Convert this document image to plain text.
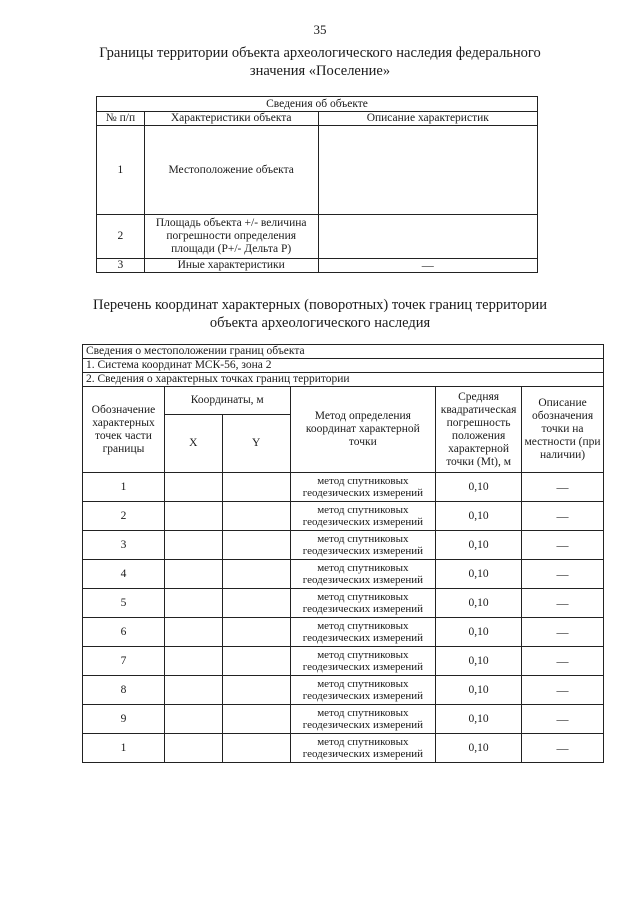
35
Границы территории объекта археологического наследия федерального
значения «Поселение»
Сведения об объекте		
№ п/п	Характеристики объекта	Описание характеристик
1	Местоположение объекта	
2	Площадь объекта +/- величина погрешности определения площади (Р+/- Дельта Р)	
3	Иные характеристики	—
Перечень координат характерных (поворотных) точек границ территории
объекта археологического наследия
Сведения о местоположении границ объекта					
1. Система координат МСК-56, зона 2					
2. Сведения о характерных точках границ территории					
Обозначение характерных точек части границы	Координаты, м		Метод определения координат характерной точки	Средняя квадратическая погрешность положения характерной точки (Mt), м	Описание обозначения точки на местности (при наличии)
	X	Y			
1			метод спутниковых геодезических измерений	0,10	—
2			метод спутниковых геодезических измерений	0,10	—
3			метод спутниковых геодезических измерений	0,10	—
4			метод спутниковых геодезических измерений	0,10	—
5			метод спутниковых геодезических измерений	0,10	—
6			метод спутниковых геодезических измерений	0,10	—
7			метод спутниковых геодезических измерений	0,10	—
8			метод спутниковых геодезических измерений	0,10	—
9			метод спутниковых геодезических измерений	0,10	—
1			метод спутниковых геодезических измерений	0,10	—
